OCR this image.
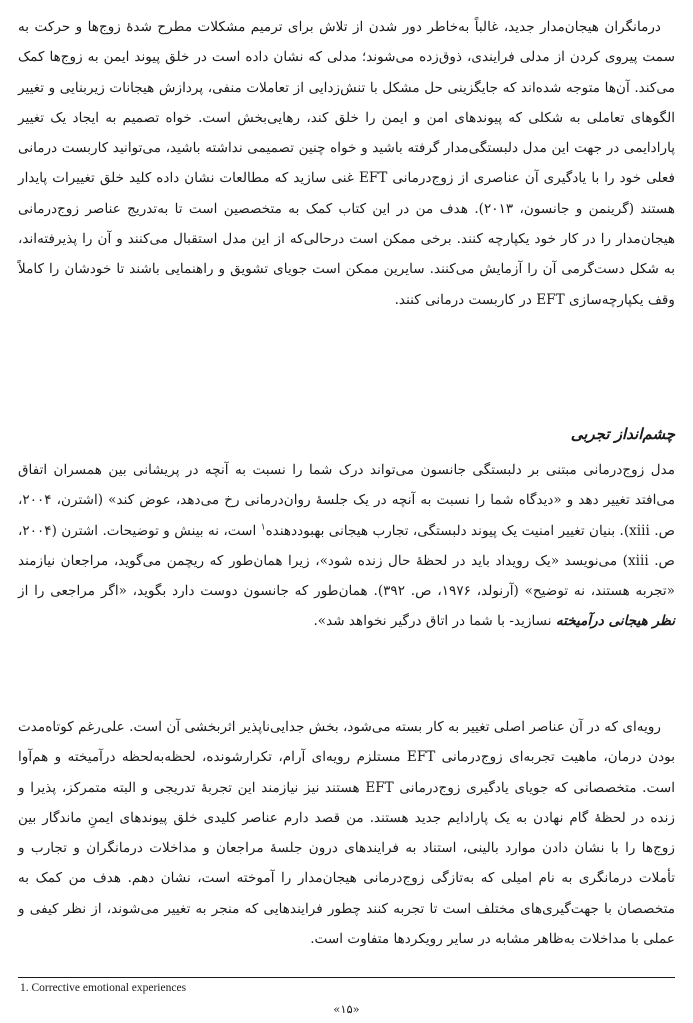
درمانگران هیجان‌مدار جدید، غالباً به‌خاطر دور شدن از تلاش برای ترمیم مشکلات مطرح شدهٔ زوج‌ها و حرکت به سمت پیروی کردن از مدلی فرایندی، ذوق‌زده می‌شوند؛ مدلی که نشان داده است در خلق پیوند ایمن به زوج‌ها کمک می‌کند. آن‌ها متوجه شده‌اند که جایگزینی حل مشکل با تنش‌زدایی از تعاملات منفی، پردازش هیجانات زیربنایی و تغییر الگوهای تعاملی به شکلی که پیوندهای امن و ایمن را خلق کند، رهایی‌بخش است. خواه تصمیم به ایجاد یک تغییر پارادایمی در جهت این مدل دلبستگی‌مدار گرفته باشید و خواه چنین تصمیمی نداشته باشید، می‌توانید کاربست درمانی فعلی خود را با یادگیری آن عناصری از زوج‌درمانی EFT غنی سازید که مطالعات نشان داده کلید خلق تغییرات پایدار هستند (گرینمن و جانسون، ۲۰۱۳). هدف من در این کتاب کمک به متخصصین است تا به‌تدریج عناصر زوج‌درمانی هیجان‌مدار را در کار خود یکپارچه کنند. برخی ممکن است درحالی‌که از این مدل استقبال می‌کنند و آن را پذیرفته‌اند، به شکل دست‌گرمی آن را آزمایش می‌کنند. سایرین ممکن است جویای تشویق و راهنمایی باشند تا خودشان را کاملاً وقف یکپارچه‌سازی EFT در کاربست درمانی کنند.

چشم‌انداز تجربی

مدل زوج‌درمانی مبتنی بر دلبستگی جانسون می‌تواند درک شما را نسبت به آنچه در پریشانی بین همسران اتفاق می‌افتد تغییر دهد و «دیدگاه شما را نسبت به آنچه در یک جلسهٔ روان‌درمانی رخ می‌دهد، عوض کند» (اشترن، ۲۰۰۴، ص. xiii). بنیان تغییر امنیت یک پیوند دلبستگی، تجارب هیجانی بهبوددهنده$^۱$ است، نه بینش و توضیحات. اشترن (۲۰۰۴، ص. xiii) می‌نویسد «یک رویداد باید در لحظهٔ حال زنده شود»، زیرا همان‌طور که ریچمن می‌گوید، مراجعان نیازمند «تجربه هستند، نه توضیح» (آرنولد، ۱۹۷۶، ص. ۳۹۲). همان‌طور که جانسون دوست دارد بگوید، «اگر مراجعی را از نظر هیجانی درآمیخته نسازید- با شما در اتاق درگیر نخواهد شد».

رویه‌ای که در آن عناصر اصلی تغییر به کار بسته می‌شود، بخش جدایی‌ناپذیر اثربخشی آن است. علی‌رغم کوتاه‌مدت بودن درمان، ماهیت تجربه‌ای زوج‌درمانی EFT مستلزم رویه‌ای آرام، تکرارشونده، لحظه‌به‌لحظه درآمیخته و هم‌آوا است. متخصصانی که جویای یادگیری زوج‌درمانی EFT هستند نیز نیازمند این تجربهٔ تدریجی و البته متمرکز، پذیرا و زنده در لحظهٔ گام نهادن به یک پارادایم جدید هستند. من قصد دارم عناصر کلیدی خلق پیوندهای ایمنِ ماندگار بین زوج‌ها را با نشان دادن موارد بالینی، استناد به فرایندهای درون جلسهٔ مراجعان و مداخلات درمانگران و تجارب و تأملات درمانگری به نام امیلی که به‌تازگی زوج‌درمانی هیجان‌مدار را آموخته است، نشان دهم. هدف من کمک به متخصصان با جهت‌گیری‌های مختلف است تا تجربه کنند چطور فرایندهایی که منجر به تغییر می‌شوند، از نظر کیفی و عملی با مداخلات به‌ظاهر مشابه در سایر رویکردها متفاوت است.

1. Corrective emotional experiences
«۱۵»
